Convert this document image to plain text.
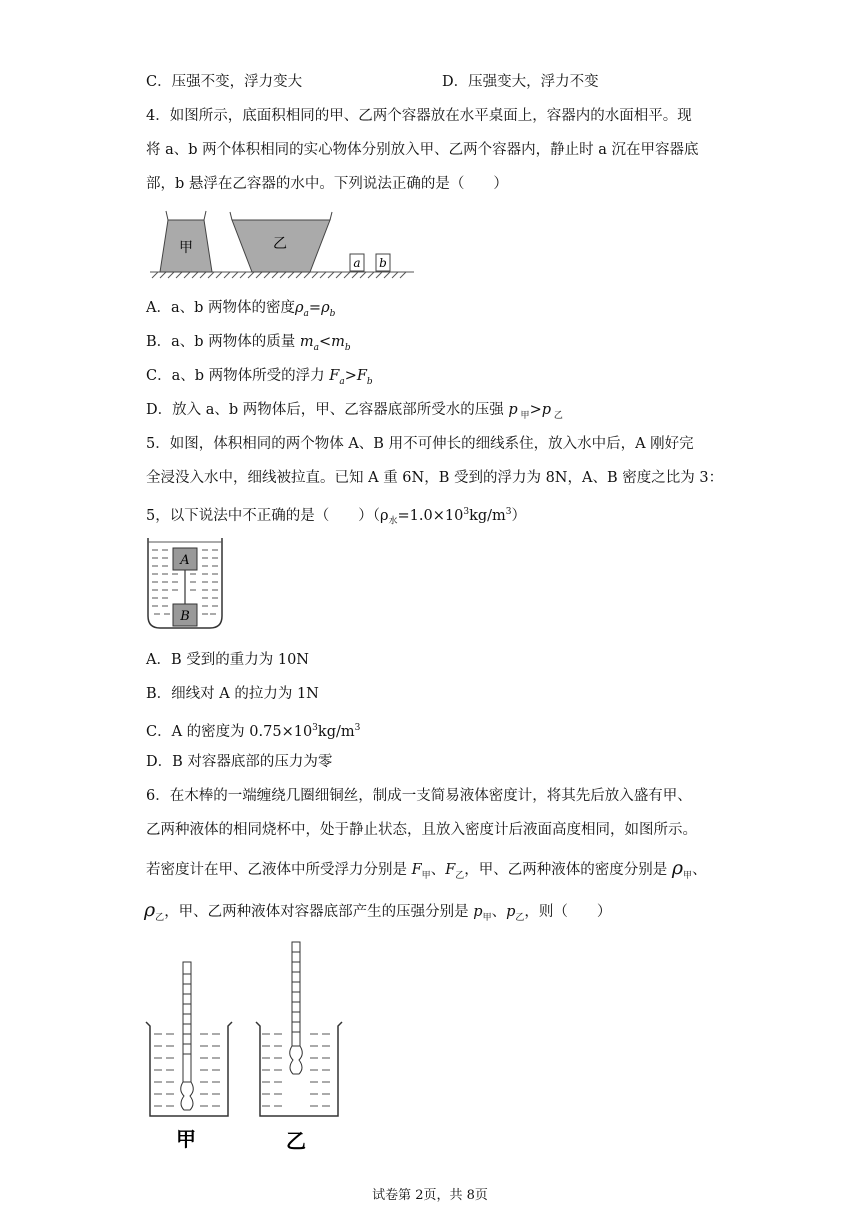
C．压强不变，浮力变大	D．压强变大，浮力不变
4．如图所示，底面积相同的甲、乙两个容器放在水平桌面上，容器内的水面相平。现
将 a、b 两个体积相同的实心物体分别放入甲、乙两个容器内，静止时 a 沉在甲容器底
部，b 悬浮在乙容器的水中。下列说法正确的是（　　）
甲	乙
a b
A．a、b 两物体的密度$\rho_a=\rho_b$
B．a、b 两物体的质量 $m_a<m_b$
C．a、b 两物体所受的浮力 $F_a>F_b$
D．放入 a、b 两物体后，甲、乙容器底部所受水的压强 p $_甲$>p $_乙$
5．如图，体积相同的两个物体 A、B 用不可伸长的细线系住，放入水中后，A 刚好完
全浸没入水中，细线被拉直。已知 A 重 6N，B 受到的浮力为 8N，A、B 密度之比为 3：
5，以下说法中不正确的是（　　）$(\rho_水=1.0\times 10^3kg/m^3)$
A
B
A．B 受到的重力为 10N
B．细线对 A 的拉力为 1N
C．A 的密度为 $0.75\times 10^3kg/m^3$
D．B 对容器底部的压力为零
6．在木棒的一端缠绕几圈细铜丝，制成一支简易液体密度计，将其先后放入盛有甲、
乙两种液体的相同烧杯中，处于静止状态，且放入密度计后液面高度相同，如图所示。
若密度计在甲、乙液体中所受浮力分别是 $F_甲$、$F_乙$，甲、乙两种液体的密度分别是 $\rho_甲$、
$\rho_乙$，甲、乙两种液体对容器底部产生的压强分别是 $p_甲$、$p_乙$，则（　　）
甲	乙
试卷第 2页，共 8页
